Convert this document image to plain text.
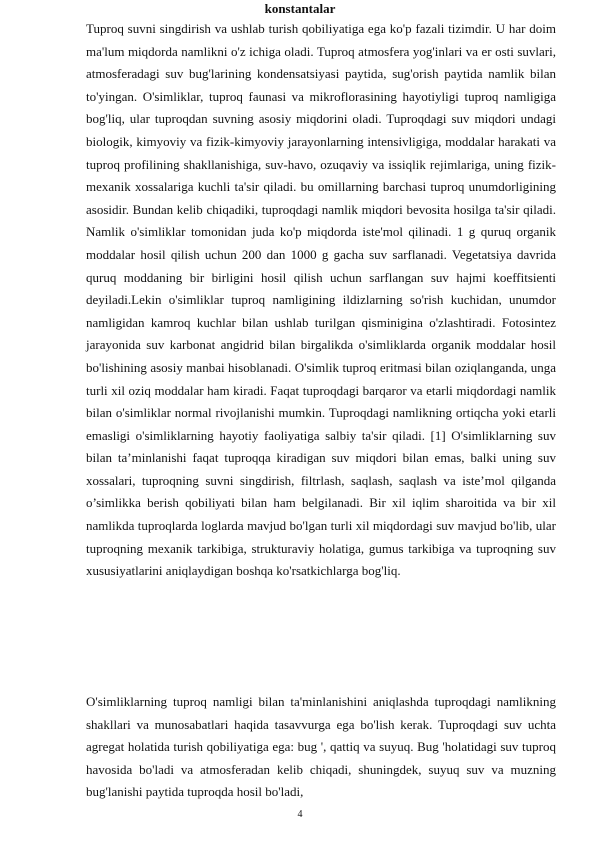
konstantalar

Tuproq suvni singdirish va ushlab turish qobiliyatiga ega ko'p fazali tizimdir. U har doim ma'lum miqdorda namlikni o'z ichiga oladi. Tuproq atmosfera yog'inlari va er osti suvlari, atmosferadagi suv bug'larining kondensatsiyasi paytida, sug'orish paytida namlik bilan to'yingan. O'simliklar, tuproq faunasi va mikroflorasining hayotiyligi tuproq namligiga bog'liq, ular tuproqdan suvning asosiy miqdorini oladi. Tuproqdagi suv miqdori undagi biologik, kimyoviy va fizik-kimyoviy jarayonlarning intensivligiga, moddalar harakati va tuproq profilining shakllanishiga, suv-havo, ozuqaviy va issiqlik rejimlariga, uning fizik-mexanik xossalariga kuchli ta'sir qiladi. bu omillarning barchasi tuproq unumdorligining asosidir. Bundan kelib chiqadiki, tuproqdagi namlik miqdori bevosita hosilga ta'sir qiladi. Namlik o'simliklar tomonidan juda ko'p miqdorda iste'mol qilinadi. 1 g quruq organik moddalar hosil qilish uchun 200 dan 1000 g gacha suv sarflanadi. Vegetatsiya davrida quruq moddaning bir birligini hosil qilish uchun sarflangan suv hajmi koeffitsienti deyiladi.Lekin o'simliklar tuproq namligining ildizlarning so'rish kuchidan, unumdor namligidan kamroq kuchlar bilan ushlab turilgan qisminigina o'zlashtiradi. Fotosintez jarayonida suv karbonat angidrid bilan birgalikda o'simliklarda organik moddalar hosil bo'lishining asosiy manbai hisoblanadi. O'simlik tuproq eritmasi bilan oziqlanganda, unga turli xil oziq moddalar ham kiradi. Faqat tuproqdagi barqaror va etarli miqdordagi namlik bilan o'simliklar normal rivojlanishi mumkin. Tuproqdagi namlikning ortiqcha yoki etarli emasligi o'simliklarning hayotiy faoliyatiga salbiy ta'sir qiladi. [1] O'simliklarning suv bilan ta’minlanishi faqat tuproqqa kiradigan suv miqdori bilan emas, balki uning suv xossalari, tuproqning suvni singdirish, filtrlash, saqlash, saqlash va iste’mol qilganda o’simlikka berish qobiliyati bilan ham belgilanadi. Bir xil iqlim sharoitida va bir xil namlikda tuproqlarda loglarda mavjud bo'lgan turli xil miqdordagi suv mavjud bo'lib, ular tuproqning mexanik tarkibiga, strukturaviy holatiga, gumus tarkibiga va tuproqning suv xususiyatlarini aniqlaydigan boshqa ko'rsatkichlarga bog'liq.

O'simliklarning tuproq namligi bilan ta'minlanishini aniqlashda tuproqdagi namlikning shakllari va munosabatlari haqida tasavvurga ega bo'lish kerak. Tuproqdagi suv uchta agregat holatida turish qobiliyatiga ega: bug ', qattiq va suyuq. Bug 'holatidagi suv tuproq havosida bo'ladi va atmosferadan kelib chiqadi, shuningdek, suyuq suv va muzning bug'lanishi paytida tuproqda hosil bo'ladi,

4
